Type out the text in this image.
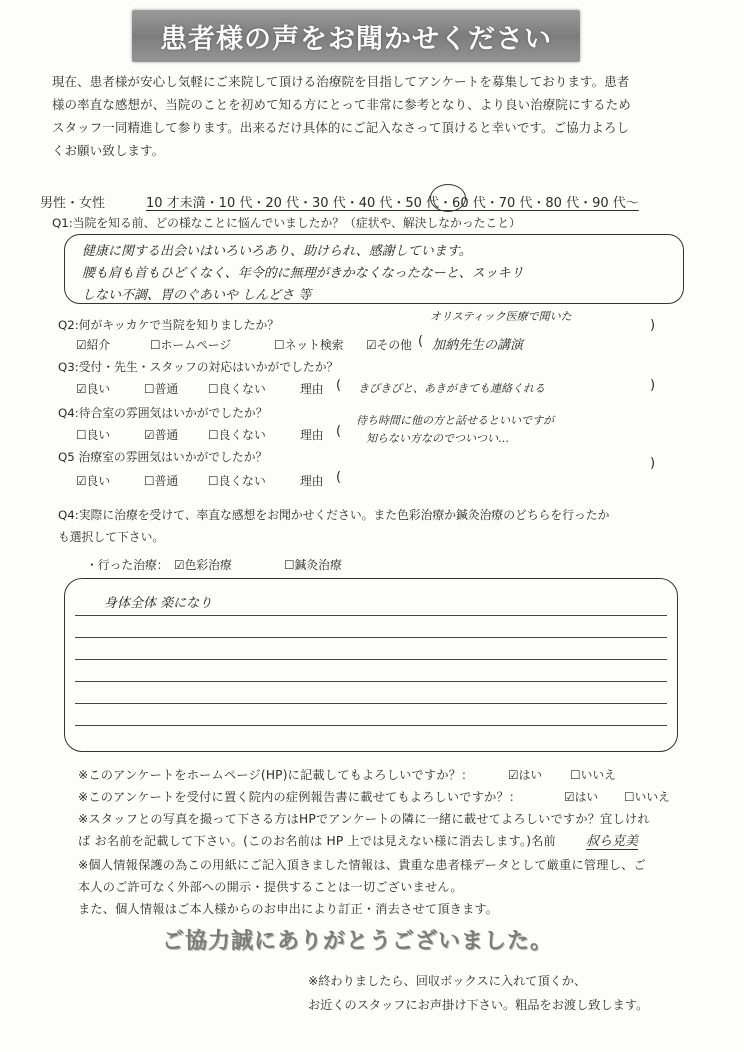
患者様の声をお聞かせください
現在、患者様が安心し気軽にご来院して頂ける治療院を目指してアンケートを募集しております。患者
様の率直な感想が、当院のことを初めて知る方にとって非常に参考となり、より良い治療院にするため
スタッフ一同精進して参ります。出来るだけ具体的にご記入なさって頂けると幸いです。ご協力よろし
くお願い致します。
男性・女性	10 才未満・10 代・20 代・30 代・40 代・50 代・60 代・70 代・80 代・90 代〜
Q1:当院を知る前、どの様なことに悩んでいましたか？（症状や、解決しなかったこと）
健康に関する出会いはいろいろあり、助けられ、感謝しています。
腰も肩も首もひどくなく、年令的に無理がきかなくなったなーと、スッキリ
しない不調、胃のぐあいや しんどさ 等
Q2:何がキッカケで当院を知りましたか？
オリスティック医療で聞いた
☑紹介	☐ホームページ	☐ネット検索 ☑その他 ( 加納先生の講演
)
Q3:受付・先生・スタッフの対応はいかがでしたか？
☑良い	☐普通	☐良くない	理由 ( きびきびと、あきがきても連絡くれる	)
Q4:待合室の雰囲気はいかがでしたか？
☐良い	☑普通	☐良くない	理由 (
待ち時間に他の方と話せるといいですが
知らない方なのでついつい…
Q5 治療室の雰囲気はいかがでしたか？
☑良い	☐普通	☐良くない	理由 (
)
Q4:実際に治療を受けて、率直な感想をお聞かせください。また色彩治療か鍼灸治療のどちらを行ったか
も選択して下さい。
・行った治療： ☑色彩治療	☐鍼灸治療
身体全体 楽になり
※このアンケートをホームページ(HP)に記載してもよろしいですか？：	☑はい ☐いいえ
※このアンケートを受付に置く院内の症例報告書に載せてもよろしいですか？：	☑はい ☐いいえ
※スタッフとの写真を撮って下さる方はHPでアンケートの隣に一緒に載せてよろしいですか？宜しけれ
ば お名前を記載して下さい。(このお名前は HP 上では見えない様に消去します。)名前 叔ら克美
※個人情報保護の為この用紙にご記入頂きました情報は、貴重な患者様データとして厳重に管理し、ご
本人のご許可なく外部への開示・提供することは一切ございません。
また、個人情報はご本人様からのお申出により訂正・消去させて頂きます。
ご協力誠にありがとうございました。
※終わりましたら、回収ボックスに入れて頂くか、
お近くのスタッフにお声掛け下さい。粗品をお渡し致します。
